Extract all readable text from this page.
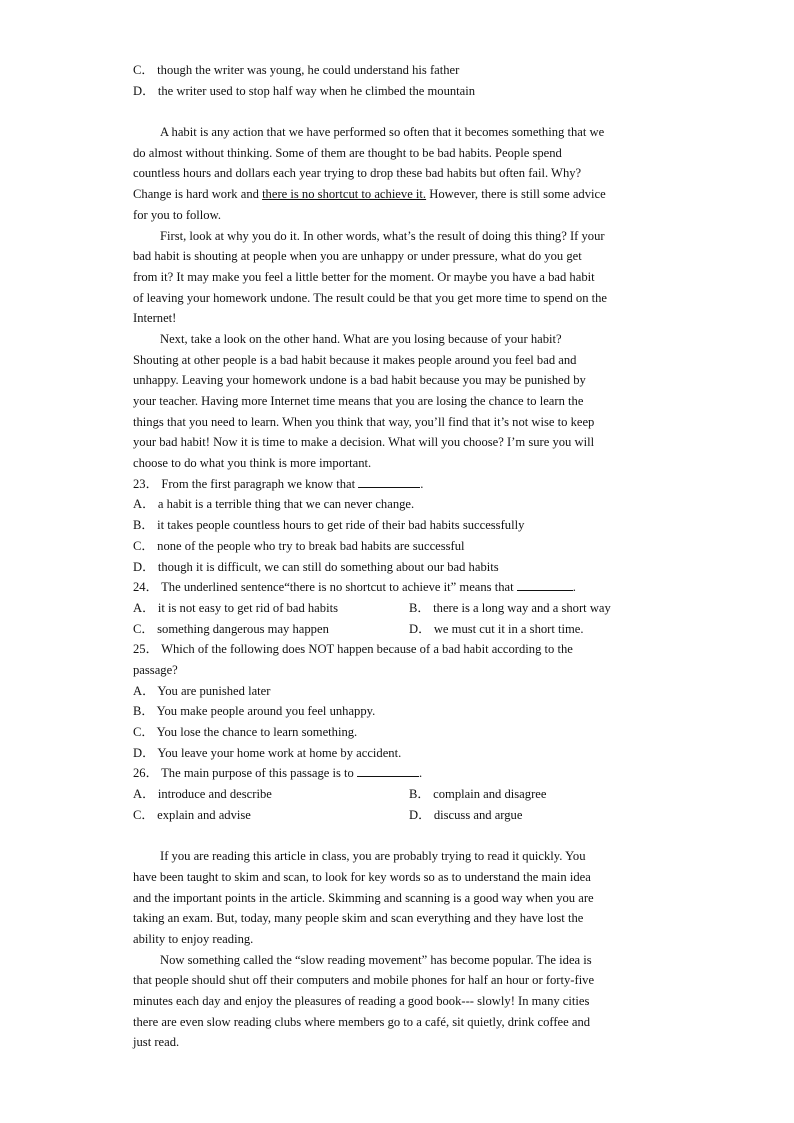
C． though the writer was young, he could understand his father
D． the writer used to stop half way when he climbed the mountain
A habit is any action that we have performed so often that it becomes something that we
do almost without thinking. Some of them are thought to be bad habits. People spend
countless hours and dollars each year trying to drop these bad habits but often fail. Why?
Change is hard work and there is no shortcut to achieve it. However, there is still some advice
for you to follow.
First, look at why you do it. In other words, what’s the result of doing this thing? If your
bad habit is shouting at people when you are unhappy or under pressure, what do you get
from it? It may make you feel a little better for the moment. Or maybe you have a bad habit
of leaving your homework undone. The result could be that you get more time to spend on the
Internet!
Next, take a look on the other hand. What are you losing because of your habit?
Shouting at other people is a bad habit because it makes people around you feel bad and
unhappy. Leaving your homework undone is a bad habit because you may be punished by
your teacher. Having more Internet time means that you are losing the chance to learn the
things that you need to learn. When you think that way, you’ll find that it’s not wise to keep
your bad habit! Now it is time to make a decision. What will you choose? I’m sure you will
choose to do what you think is more important.
23． From the first paragraph we know that	.
A． a habit is a terrible thing that we can never change.
B． it takes people countless hours to get ride of their bad habits successfully
C． none of the people who try to break bad habits are successful
D． though it is difficult, we can still do something about our bad habits
24． The underlined sentence“there is no shortcut to achieve it” means that	.
A． it is not easy to get rid of bad habits	B． there is a long way and a short way
C． something dangerous may happen	D． we must cut it in a short time.
25． Which of the following does NOT happen because of a bad habit according to the
passage?
A． You are punished later
B． You make people around you feel unhappy.
C． You lose the chance to learn something.
D． You leave your home work at home by accident.
26． The main purpose of this passage is to	.
A． introduce and describe	B． complain and disagree
C． explain and advise	D． discuss and argue
If you are reading this article in class, you are probably trying to read it quickly. You
have been taught to skim and scan, to look for key words so as to understand the main idea
and the important points in the article. Skimming and scanning is a good way when you are
taking an exam. But, today, many people skim and scan everything and they have lost the
ability to enjoy reading.
Now something called the “slow reading movement” has become popular. The idea is
that people should shut off their computers and mobile phones for half an hour or forty-five
minutes each day and enjoy the pleasures of reading a good book--- slowly! In many cities
there are even slow reading clubs where members go to a café, sit quietly, drink coffee and
just read.
